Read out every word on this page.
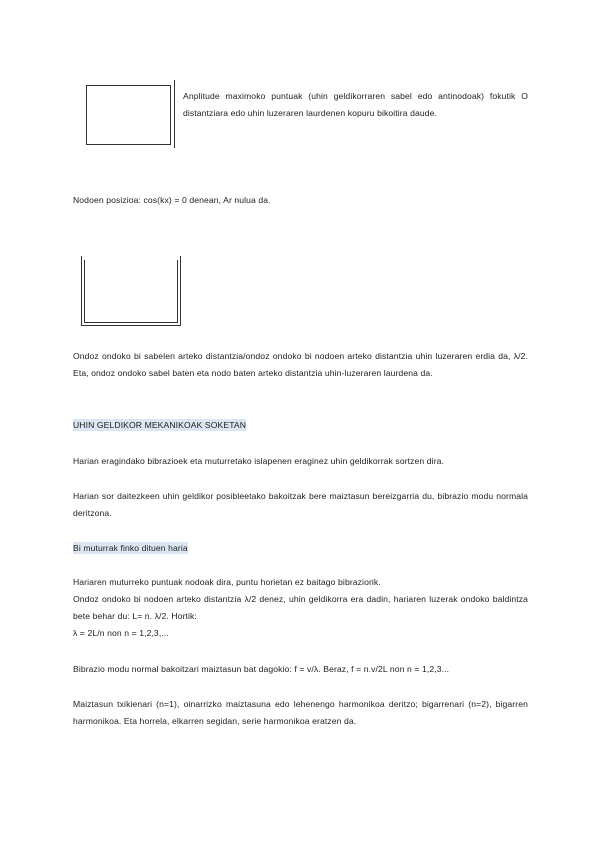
Anplitude maximoko puntuak (uhin geldikorraren sabel edo antinodoak) fokutik O distantziara edo uhin luzeraren laurdenen kopuru bikoitira daude.
Nodoen posizioa: cos(kx) = 0 denean, Ar nulua da.
Ondoz ondoko bi sabelen arteko distantzia/ondoz ondoko bi nodoen arteko distantzia uhin luzeraren erdia da, λ/2. Eta, ondoz ondoko sabel baten eta nodo baten arteko distantzia uhin-luzeraren laurdena da.
UHIN GELDIKOR MEKANIKOAK SOKETAN
Harian eragindako bibrazioek eta muturretako islapenen eraginez uhin geldikorrak sortzen dira.
Harian sor daitezkeen uhin geldikor posibleetako bakoitzak bere maiztasun bereizgarria du, bibrazio modu normala deritzona.
Bi muturrak finko dituen haria

Hariaren muturreko puntuak nodoak dira, puntu horietan ez baitago bibraziorik.

Ondoz ondoko bi nodoen arteko distantzia λ/2 denez, uhin geldikorra era dadin, hariaren luzerak ondoko baldintza bete behar du: L= n. λ/2. Hortik:

λ = 2L/n non n = 1,2,3,...

Bibrazio modu normal bakoitzari maiztasun bat dagokio: f = v/λ. Beraz, f = n.v/2L non n = 1,2,3...
Maiztasun txikienari (n=1), oinarrizko maiztasuna edo lehenengo harmonikoa deritzo; bigarrenari (n=2), bigarren harmonikoa. Eta horrela, elkarren segidan, serie harmonikoa eratzen da.
